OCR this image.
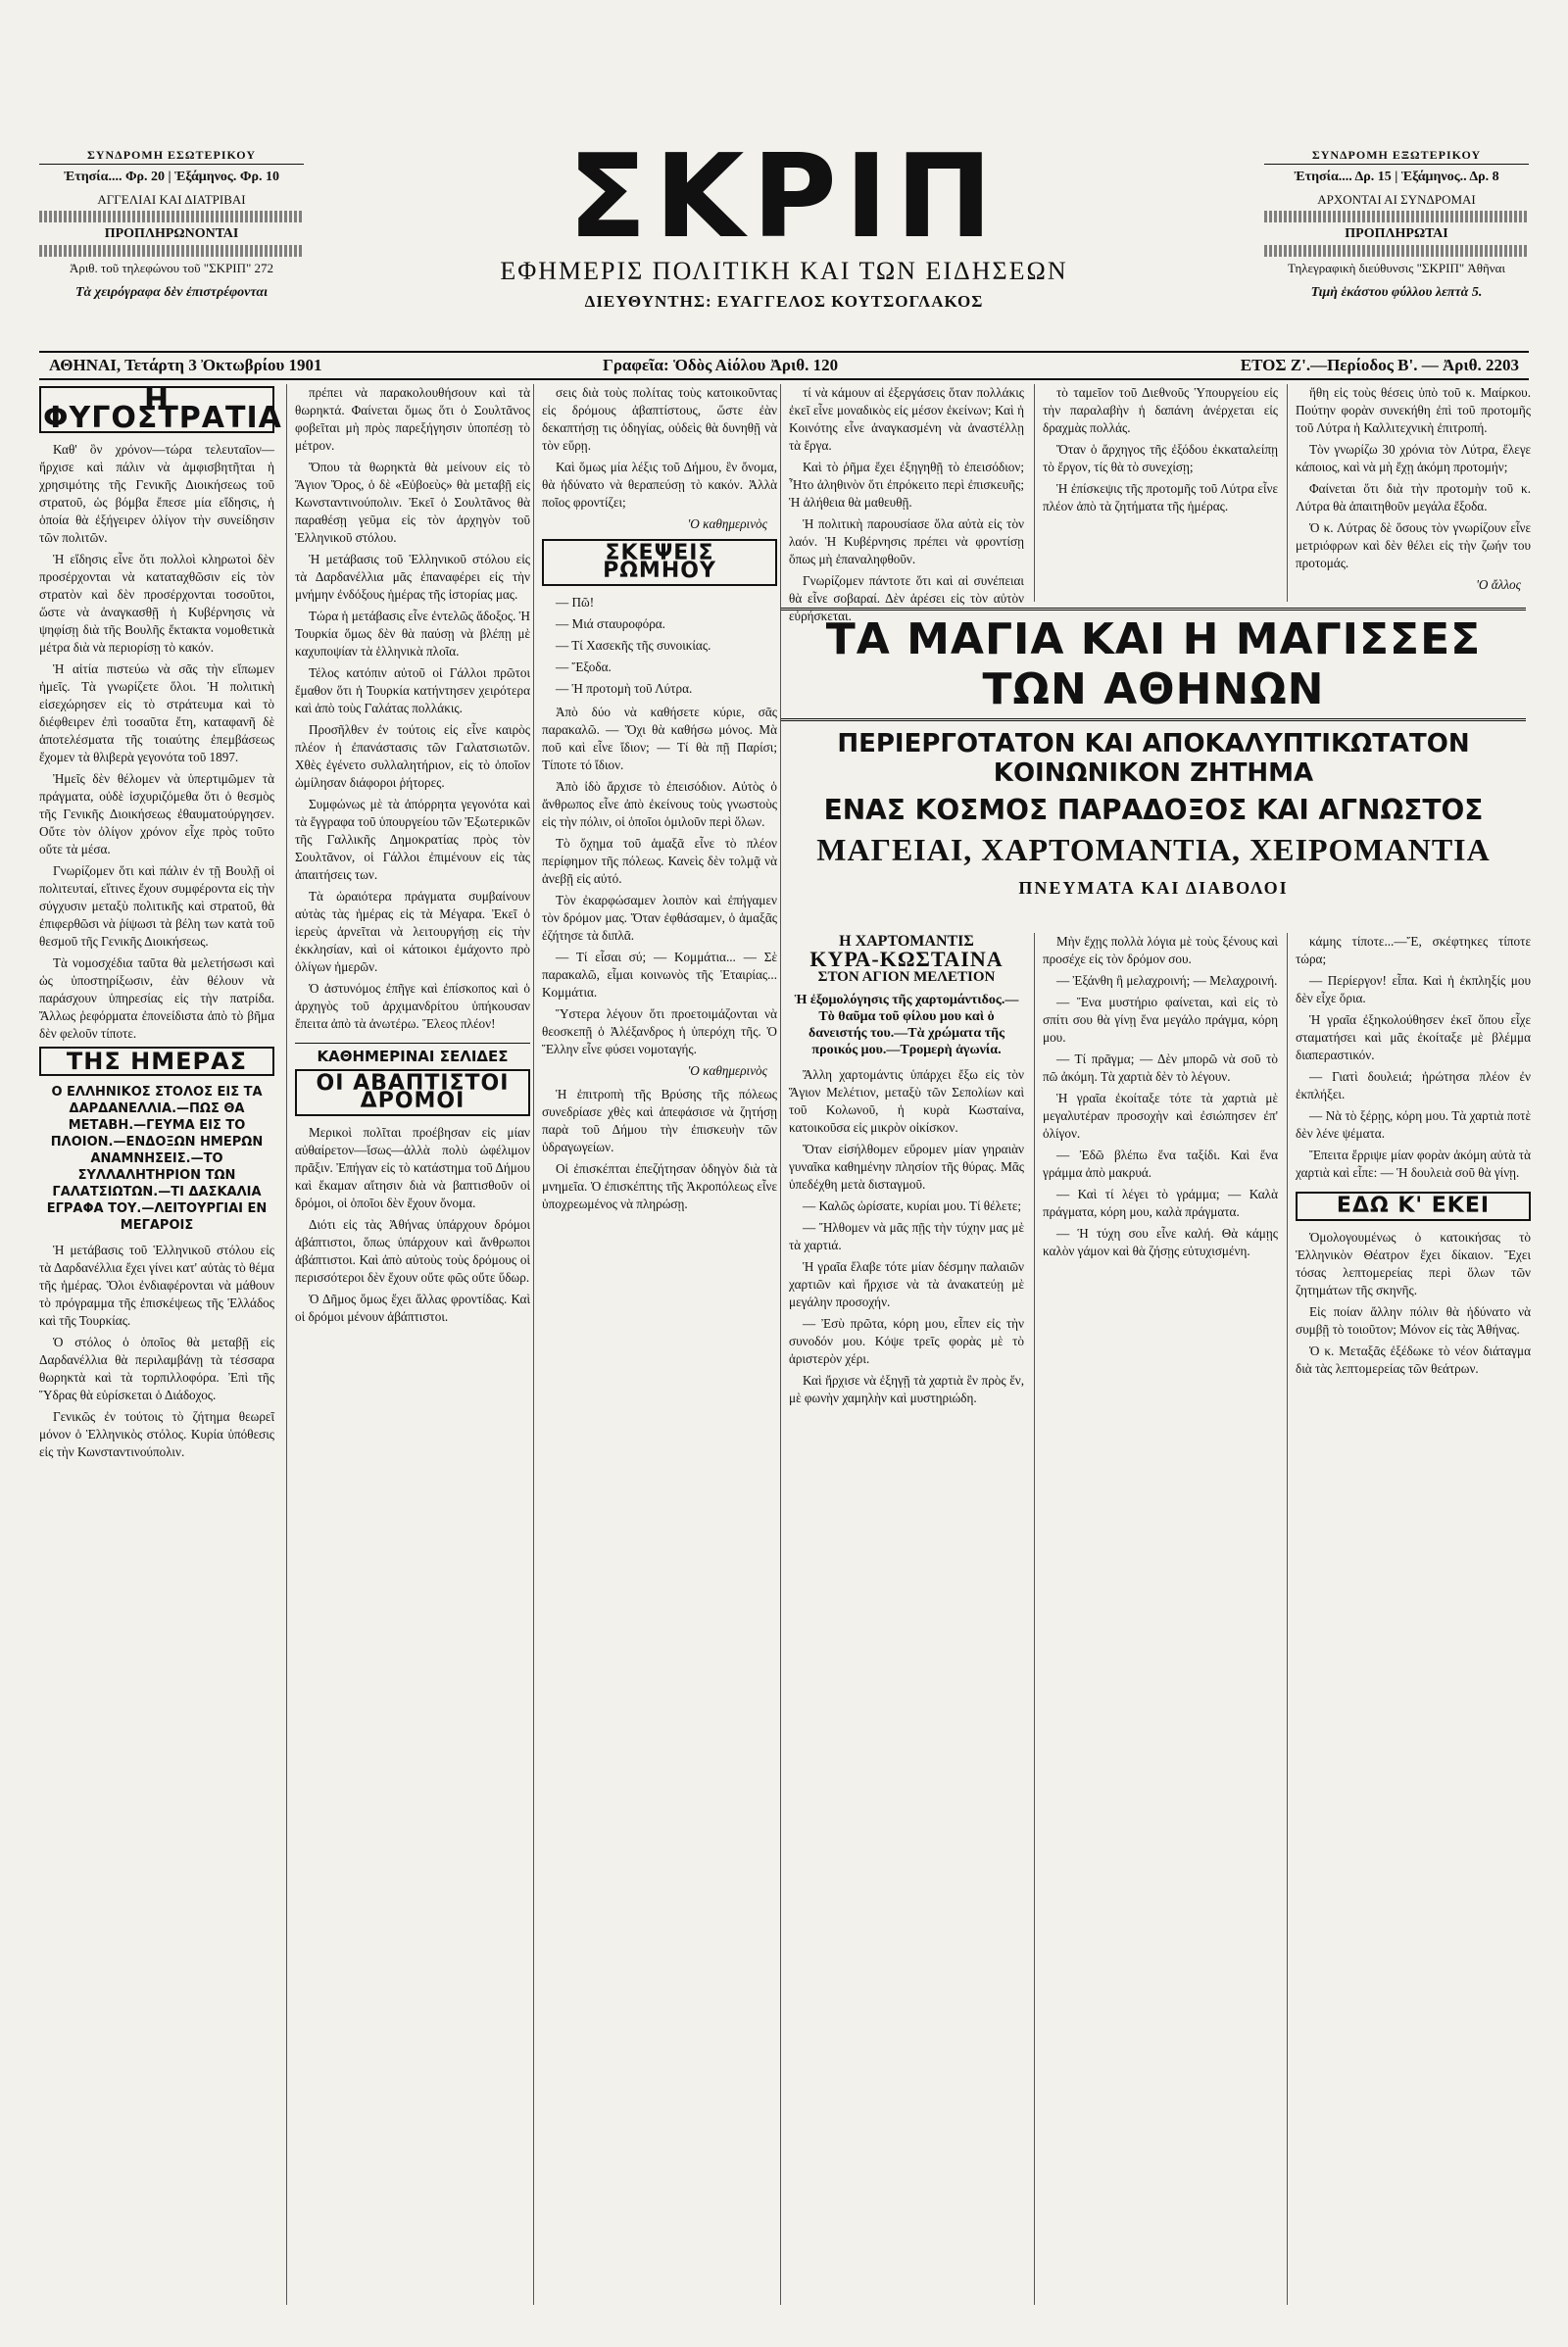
ΣΥΝΔΡΟΜΗ ΕΣΩΤΕΡΙΚΟΥ
Ἐτησία.... Φρ. 20 | Ἑξάμηνος. Φρ. 10
ΑΓΓΕΛΙΑΙ ΚΑΙ ΔΙΑΤΡΙΒΑΙ
ΠΡΟΠΛΗΡΩΝΟΝΤΑΙ
Ἀριθ. τοῦ τηλεφώνου τοῦ "ΣΚΡΙΠ" 272
Τὰ χειρόγραφα δὲν ἐπιστρέφονται
ΣΚΡΙΠ
ΕΦΗΜΕΡΙΣ ΠΟΛΙΤΙΚΗ ΚΑΙ ΤΩΝ ΕΙΔΗΣΕΩΝ
ΔΙΕΥΘΥΝΤΗΣ: ΕΥΑΓΓΕΛΟΣ ΚΟΥΤΣΟΓΛΑΚΟΣ
ΣΥΝΔΡΟΜΗ ΕΞΩΤΕΡΙΚΟΥ
Ἐτησία.... Δρ. 15 | Ἑξάμηνος.. Δρ. 8
ΑΡΧΟΝΤΑΙ ΑΙ ΣΥΝΔΡΟΜΑΙ
ΠΡΟΠΛΗΡΩΤΑΙ
Τηλεγραφικὴ διεύθυνσις "ΣΚΡΙΠ" Ἀθῆναι
Τιμὴ ἑκάστου φύλλου λεπτὰ 5.
ΑΘΗΝΑΙ, Τετάρτη 3 Ὀκτωβρίου 1901	Γραφεῖα: Ὁδὸς Αἰόλου Ἀριθ. 120	ΕΤΟΣ Ζ'.—Περίοδος Β'. — Ἀριθ. 2203
Η ΦΥΓΟΣΤΡΑΤΙΑ

Καθ' ὃν χρόνον—τώρα τελευταῖον—ἤρχισε καὶ πάλιν νὰ ἀμφισβητῆται ἡ χρησιμότης τῆς Γενικῆς Διοικήσεως τοῦ στρατοῦ, ὡς βόμβα ἔπεσε μία εἴδησις, ἡ ὁποία θὰ ἐξήγειρεν ὀλίγον τὴν συνείδησιν τῶν πολιτῶν.

Ἡ εἴδησις εἶνε ὅτι πολλοὶ κληρωτοὶ δὲν προσέρχονται νὰ καταταχθῶσιν εἰς τὸν στρατὸν καὶ δὲν προσέρχονται τοσοῦτοι, ὥστε νὰ ἀναγκασθῇ ἡ Κυβέρνησις νὰ ψηφίσῃ διὰ τῆς Βουλῆς ἔκτακτα νομοθετικὰ μέτρα διὰ νὰ περιορίσῃ τὸ κακόν.

Ἡ αἰτία πιστεύω νὰ σᾶς τὴν εἴπωμεν ἠμεῖς. Τὰ γνωρίζετε ὅλοι. Ἡ πολιτικὴ εἰσεχώρησεν εἰς τὸ στράτευμα καὶ τὸ διέφθειρεν ἐπὶ τοσαῦτα ἔτη, καταφανῆ δὲ ἀποτελέσματα τῆς τοιαύτης ἐπεμβάσεως ἔχομεν τὰ θλιβερὰ γεγονότα τοῦ 1897.

Ἠμεῖς δὲν θέλομεν νὰ ὑπερτιμῶμεν τὰ πράγματα, οὐδὲ ἰσχυριζόμεθα ὅτι ὁ θεσμὸς τῆς Γενικῆς Διοικήσεως ἐθαυματούργησεν. Οὔτε τὸν ὀλίγον χρόνον εἶχε πρὸς τοῦτο οὔτε τὰ μέσα.

Γνωρίζομεν ὅτι καὶ πάλιν ἐν τῇ Βουλῇ οἱ πολιτευταί, εἴτινες ἔχουν συμφέροντα εἰς τὴν σύγχυσιν μεταξὺ πολιτικῆς καὶ στρατοῦ, θὰ ἐπιφερθῶσι νὰ ῥίψωσι τὰ βέλη των κατὰ τοῦ θεσμοῦ τῆς Γενικῆς Διοικήσεως.

Τὰ νομοσχέδια ταῦτα θὰ μελετήσωσι καὶ ὡς ὑποστηρίξωσιν, ἐὰν θέλουν νὰ παράσχουν ὑπηρεσίας εἰς τὴν πατρίδα. Ἄλλως ῥεφόρματα ἐπονείδιστα ἀπὸ τὸ βῆμα δὲν φελοῦν τίποτε.

ΤΗΣ ΗΜΕΡΑΣ
Ο ΕΛΛΗΝΙΚΟΣ ΣΤΟΛΟΣ ΕΙΣ ΤΑ ΔΑΡΔΑΝΕΛΛΙΑ.—ΠΩΣ ΘΑ ΜΕΤΑΒΗ.—ΓΕΥΜΑ ΕΙΣ ΤΟ ΠΛΟΙΟΝ.—ΕΝΔΟΞΩΝ ΗΜΕΡΩΝ ΑΝΑΜΝΗΣΕΙΣ.—ΤΟ ΣΥΛΛΑΛΗΤΗΡΙΟΝ ΤΩΝ ΓΑΛΑΤΣΙΩΤΩΝ.—ΤΙ ΔΑΣΚΑΛΙΑ ΕΓΡΑΦΑ ΤΟΥ.—ΛΕΙΤΟΥΡΓΙΑΙ ΕΝ ΜΕΓΑΡΟΙΣ

Ἡ μετάβασις τοῦ Ἑλληνικοῦ στόλου εἰς τὰ Δαρδανέλλια ἔχει γίνει κατ' αὐτὰς τὸ θέμα τῆς ἡμέρας. Ὅλοι ἐνδιαφέρονται νὰ μάθουν τὸ πρόγραμμα τῆς ἐπισκέψεως τῆς Ἑλλάδος καὶ τῆς Τουρκίας.

Ὁ στόλος ὁ ὁποῖος θὰ μεταβῇ εἰς Δαρδανέλλια θὰ περιλαμβάνῃ τὰ τέσσαρα θωρηκτὰ καὶ τὰ τορπιλλοφόρα. Ἐπὶ τῆς Ὕδρας θὰ εὑρίσκεται ὁ Διάδοχος.

Γενικῶς ἐν τούτοις τὸ ζήτημα θεωρεῖ μόνον ὁ Ἑλληνικὸς στόλος. Κυρία ὑπόθεσις εἰς τὴν Κωνσταντινούπολιν.

πρέπει νὰ παρακολουθήσουν καὶ τὰ θωρηκτά. Φαίνεται ὅμως ὅτι ὁ Σουλτᾶνος φοβεῖται μὴ πρὸς παρεξήγησιν ὑποπέσῃ τὸ μέτρον.

Ὅπου τὰ θωρηκτὰ θὰ μείνουν εἰς τὸ Ἅγιον Ὄρος, ὁ δὲ «Εὐβοεὺς» θὰ μεταβῇ εἰς Κωνσταντινούπολιν. Ἐκεῖ ὁ Σουλτᾶνος θὰ παραθέσῃ γεῦμα εἰς τὸν ἀρχηγὸν τοῦ Ἑλληνικοῦ στόλου.

Ἡ μετάβασις τοῦ Ἑλληνικοῦ στόλου εἰς τὰ Δαρδανέλλια μᾶς ἐπαναφέρει εἰς τὴν μνήμην ἐνδόξους ἡμέρας τῆς ἱστορίας μας.

Τώρα ἡ μετάβασις εἶνε ἐντελῶς ἄδοξος. Ἡ Τουρκία ὅμως δὲν θὰ παύσῃ νὰ βλέπῃ μὲ καχυποψίαν τὰ ἑλληνικὰ πλοῖα.

Τέλος κατόπιν αὐτοῦ οἱ Γάλλοι πρῶτοι ἔμαθον ὅτι ἡ Τουρκία κατήντησεν χειρότερα καὶ ἀπὸ τοὺς Γαλάτας πολλάκις.

Προσῆλθεν ἐν τούτοις εἰς εἶνε καιρὸς πλέον ἡ ἐπανάστασις τῶν Γαλατσιωτῶν. Χθὲς ἐγένετο συλλαλητήριον, εἰς τὸ ὁποῖον ὡμίλησαν διάφοροι ῥήτορες.

Συμφώνως μὲ τὰ ἀπόρρητα γεγονότα καὶ τὰ ἔγγραφα τοῦ ὑπουργείου τῶν Ἐξωτερικῶν τῆς Γαλλικῆς Δημοκρατίας πρὸς τὸν Σουλτᾶνον, οἱ Γάλλοι ἐπιμένουν εἰς τὰς ἀπαιτήσεις των.

Τὰ ὡραιότερα πράγματα συμβαίνουν αὐτὰς τὰς ἡμέρας εἰς τὰ Μέγαρα. Ἐκεῖ ὁ ἱερεὺς ἀρνεῖται νὰ λειτουργήσῃ εἰς τὴν ἐκκλησίαν, καὶ οἱ κάτοικοι ἐμάχοντο πρὸ ὀλίγων ἡμερῶν.

Ὁ ἀστυνόμος ἐπῆγε καὶ ἐπίσκοπος καὶ ὁ ἀρχηγὸς τοῦ ἀρχιμανδρίτου ὑπήκουσαν ἔπειτα ἀπὸ τὰ ἀνωτέρω. Ἔλεος πλέον!

ΚΑΘΗΜΕΡΙΝΑΙ ΣΕΛΙΔΕΣ
ΟΙ ΑΒΑΠΤΙΣΤΟΙ ΔΡΟΜΟΙ

Μερικοὶ πολῖται προέβησαν εἰς μίαν αὐθαίρετον—ἴσως—ἀλλὰ πολὺ ὠφέλιμον πρᾶξιν. Ἐπήγαν εἰς τὸ κατάστημα τοῦ Δήμου καὶ ἔκαμαν αἴτησιν διὰ νὰ βαπτισθοῦν οἱ δρόμοι, οἱ ὁποῖοι δὲν ἔχουν ὄνομα.

Διότι εἰς τὰς Ἀθήνας ὑπάρχουν δρόμοι ἀβάπτιστοι, ὅπως ὑπάρχουν καὶ ἄνθρωποι ἀβάπτιστοι. Καὶ ἀπὸ αὐτοὺς τοὺς δρόμους οἱ περισσότεροι δὲν ἔχουν οὔτε φῶς οὔτε ὕδωρ.

Ὁ Δῆμος ὅμως ἔχει ἄλλας φροντίδας. Καὶ οἱ δρόμοι μένουν ἀβάπτιστοι.

σεις διὰ τοὺς πολίτας τοὺς κατοικοῦντας εἰς δρόμους ἀβαπτίστους, ὥστε ἐὰν δεκαπτήσῃ τις ὁδηγίας, οὐδεὶς θὰ δυνηθῇ νὰ τὸν εὕρῃ.

Καὶ ὅμως μία λέξις τοῦ Δήμου, ἓν ὄνομα, θὰ ἠδύνατο νὰ θεραπεύσῃ τὸ κακόν. Ἀλλὰ ποῖος φροντίζει;

'Ο καθημερινὸς
ΣΚΕΨΕΙΣ ΡΩΜΗΟΥ

— Πῶ!

— Μιά σταυροφόρα.

— Τί Χασεκῆς τῆς συνοικίας.

— Ἔξοδα.

— Ἡ προτομὴ τοῦ Λύτρα.

Ἀπὸ δύο νὰ καθήσετε κύριε, σᾶς παρακαλῶ. — Ὄχι θὰ καθήσω μόνος. Μὰ ποῦ καὶ εἶνε ἴδιον; — Τί θὰ πῇ Παρίσι; Τίποτε τό ἴδιον.

Ἀπὸ ἰδὸ ἄρχισε τὸ ἐπεισόδιον. Αὐτὸς ὁ ἄνθρωπος εἶνε ἀπὸ ἐκείνους τοὺς γνωστοὺς εἰς τὴν πόλιν, οἱ ὁποῖοι ὁμιλοῦν περὶ ὅλων.

Τὸ ὄχημα τοῦ ἁμαξᾶ εἶνε τὸ πλέον περίφημον τῆς πόλεως. Κανεὶς δὲν τολμᾷ νὰ ἀνεβῇ εἰς αὐτό.

Τὸν ἐκαρφώσαμεν λοιπὸν καὶ ἐπήγαμεν τὸν δρόμον μας. Ὅταν ἐφθάσαμεν, ὁ ἁμαξᾶς ἐζήτησε τὰ διπλᾶ.

— Τί εἶσαι σύ; — Κομμάτια... — Σὲ παρακαλῶ, εἶμαι κοινωνὸς τῆς Ἑταιρίας... Κομμάτια.

Ὕστερα λέγουν ὅτι προετοιμάζονται νὰ θεοσκεπῇ ὁ Ἀλέξανδρος ἡ ὑπερόχη τῆς. Ὁ Ἕλλην εἶνε φύσει νομοταγής.

'Ο καθημερινὸς

Ἡ ἐπιτροπὴ τῆς Βρύσης τῆς πόλεως συνεδρίασε χθὲς καὶ ἀπεφάσισε νὰ ζητήσῃ παρὰ τοῦ Δήμου τὴν ἐπισκευὴν τῶν ὑδραγωγείων.

Οἱ ἐπισκέπται ἐπεζήτησαν ὁδηγὸν διὰ τὰ μνημεῖα. Ὁ ἐπισκέπτης τῆς Ἀκροπόλεως εἶνε ὑποχρεωμένος νὰ πληρώσῃ.

τί νὰ κάμουν αἱ ἐξεργάσεις ὅταν πολλάκις ἐκεῖ εἶνε μοναδικὸς εἰς μέσον ἐκείνων; Καὶ ἡ Κοινότης εἶνε ἀναγκασμένη νὰ ἀναστέλλῃ τὰ ἔργα.

Καὶ τὸ ῥῆμα ἔχει ἐξηγηθῇ τὸ ἐπεισόδιον; Ἦτο ἀληθινὸν ὅτι ἐπρόκειτο περὶ ἐπισκευῆς; Ἡ ἀλήθεια θὰ μαθευθῇ.

Ἡ πολιτικὴ παρουσίασε ὅλα αὐτὰ εἰς τὸν λαόν. Ἡ Κυβέρνησις πρέπει νὰ φροντίσῃ ὅπως μὴ ἐπαναληφθοῦν.

Γνωρίζομεν πάντοτε ὅτι καὶ αἱ συνέπειαι θὰ εἶνε σοβαραί. Δὲν ἀρέσει εἰς τὸν αὐτὸν εὐρήσκεται.

τὸ ταμεῖον τοῦ Διεθνοῦς Ὑπουργείου εἰς τὴν παραλαβὴν ἡ δαπάνη ἀνέρχεται εἰς δραχμὰς πολλάς.

Ὅταν ὁ ἄρχηγος τῆς ἐξόδου ἐκκαταλείπῃ τὸ ἔργον, τίς θὰ τὸ συνεχίσῃ;

Ἡ ἐπίσκεψις τῆς προτομῆς τοῦ Λύτρα εἶνε πλέον ἀπὸ τὰ ζητήματα τῆς ἡμέρας.

ἤθη εἰς τοὺς θέσεις ὑπὸ τοῦ κ. Μαίρκου. Πούτην φορὰν συνεκήθη ἐπὶ τοῦ προτομῆς τοῦ Λύτρα ἡ Καλλιτεχνικὴ ἐπιτροπή.

Τὸν γνωρίζω 30 χρόνια τὸν Λύτρα, ἔλεγε κάποιος, καὶ νὰ μὴ ἔχῃ ἀκόμη προτομήν;

Φαίνεται ὅτι διὰ τὴν προτομὴν τοῦ κ. Λύτρα θὰ ἀπαιτηθοῦν μεγάλα ἔξοδα.

Ὁ κ. Λύτρας δὲ ὅσους τὸν γνωρίζουν εἶνε μετριόφρων καὶ δὲν θέλει εἰς τὴν ζωήν του προτομάς.

'Ο ἄλλος
ΤΑ ΜΑΓΙΑ ΚΑΙ Η ΜΑΓΙΣΣΕΣ ΤΩΝ ΑΘΗΝΩΝ
ΠΕΡΙΕΡΓΟΤΑΤΟΝ ΚΑΙ ΑΠΟΚΑΛΥΠΤΙΚΩΤΑΤΟΝ ΚΟΙΝΩΝΙΚΟΝ ΖΗΤΗΜΑ
ΕΝΑΣ ΚΟΣΜΟΣ ΠΑΡΑΔΟΞΟΣ ΚΑΙ ΑΓΝΩΣΤΟΣ
ΜΑΓΕΙΑΙ, ΧΑΡΤΟΜΑΝΤΙΑ, ΧΕΙΡΟΜΑΝΤΙΑ
ΠΝΕΥΜΑΤΑ ΚΑΙ ΔΙΑΒΟΛΟΙ
Η ΧΑΡΤΟΜΑΝΤΙΣ
ΚΥΡΑ-ΚΩΣΤΑΙΝΑ
ΣΤΟΝ ΑΓΙΟΝ ΜΕΛΕΤΙΟΝ
Ἡ ἐξομολόγησις τῆς χαρτομάντιδος.—Τὸ θαῦμα τοῦ φίλου μου καὶ ὁ δανειστής του.—Τὰ χρώματα τῆς προικός μου.—Τρομερὴ ἀγωνία.

Ἄλλη χαρτομάντις ὑπάρχει ἔξω εἰς τὸν Ἅγιον Μελέτιον, μεταξὺ τῶν Σεπολίων καὶ τοῦ Κολωνοῦ, ἡ κυρὰ Κωσταίνα, κατοικοῦσα εἰς μικρὸν οἰκίσκον.

Ὅταν εἰσήλθομεν εὕρομεν μίαν γηραιὰν γυναῖκα καθημένην πλησίον τῆς θύρας. Μᾶς ὑπεδέχθη μετὰ δισταγμοῦ.

— Καλῶς ὡρίσατε, κυρίαι μου. Τί θέλετε;

— Ἤλθομεν νὰ μᾶς πῇς τὴν τύχην μας μὲ τὰ χαρτιά.

Ἡ γραῖα ἔλαβε τότε μίαν δέσμην παλαιῶν χαρτιῶν καὶ ἤρχισε νὰ τὰ ἀνακατεύῃ μὲ μεγάλην προσοχήν.

— Ἐσὺ πρῶτα, κόρη μου, εἶπεν εἰς τὴν συνοδόν μου. Κόψε τρεῖς φορὰς μὲ τὸ ἀριστερὸν χέρι.

Καὶ ἤρχισε νὰ ἐξηγῇ τὰ χαρτιὰ ἓν πρὸς ἕν, μὲ φωνὴν χαμηλὴν καὶ μυστηριώδη.

Μὴν ἔχῃς πολλὰ λόγια μὲ τοὺς ξένους καὶ προσέχε εἰς τὸν δρόμον σου.

— Ἐξάνθη ἢ μελαχροινή; — Μελαχροινή.

— Ἕνα μυστήριο φαίνεται, καὶ εἰς τὸ σπίτι σου θὰ γίνῃ ἕνα μεγάλο πράγμα, κόρη μου.

— Τί πρᾶγμα; — Δὲν μπορῶ νὰ σοῦ τὸ πῶ ἀκόμη. Τὰ χαρτιὰ δὲν τὸ λέγουν.

Ἡ γραῖα ἐκοίταξε τότε τὰ χαρτιὰ μὲ μεγαλυτέραν προσοχὴν καὶ ἐσιώπησεν ἐπ' ὀλίγον.

— Ἐδῶ βλέπω ἕνα ταξίδι. Καὶ ἕνα γράμμα ἀπὸ μακρυά.

— Καὶ τί λέγει τὸ γράμμα; — Καλὰ πράγματα, κόρη μου, καλὰ πράγματα.

— Ἡ τύχη σου εἶνε καλή. Θὰ κάμῃς καλὸν γάμον καὶ θὰ ζήσῃς εὐτυχισμένη.

κάμης τίποτε...—Ἔ, σκέφτηκες τίποτε τώρα;

— Περίεργον! εἶπα. Καὶ ἡ ἐκπληξίς μου δὲν εἶχε ὅρια.

Ἡ γραῖα ἐξηκολούθησεν ἐκεῖ ὅπου εἶχε σταματήσει καὶ μᾶς ἐκοίταξε μὲ βλέμμα διαπεραστικόν.

— Γιατὶ δουλειά; ἠρώτησα πλέον ἐν ἐκπλήξει.

— Νὰ τὸ ξέρῃς, κόρη μου. Τὰ χαρτιὰ ποτὲ δὲν λένε ψέματα.

Ἔπειτα ἔρριψε μίαν φορὰν ἀκόμη αὐτὰ τὰ χαρτιὰ καὶ εἶπε: — Ἡ δουλειὰ σοῦ θὰ γίνῃ.

ΕΔΩ Κ' ΕΚΕΙ

Ὁμολογουμένως ὁ κατοικήσας τὸ Ἑλληνικὸν Θέατρον ἔχει δίκαιον. Ἔχει τόσας λεπτομερείας περὶ ὅλων τῶν ζητημάτων τῆς σκηνῆς.

Εἰς ποίαν ἄλλην πόλιν θὰ ἠδύνατο νὰ συμβῇ τὸ τοιοῦτον; Μόνον εἰς τὰς Ἀθήνας.

Ὁ κ. Μεταξᾶς ἐξέδωκε τὸ νέον διάταγμα διὰ τὰς λεπτομερείας τῶν θεάτρων.
